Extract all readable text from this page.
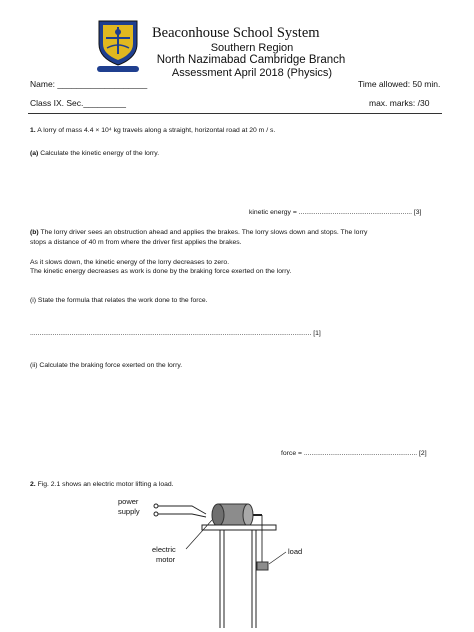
Beaconhouse School System
Southern Region
North Nazimabad Cambridge Branch
Assessment April 2018 (Physics)
Name: ___________________	Time allowed: 50 min.
Class IX. Sec._________	max. marks: /30
1. A lorry of mass 4.4 × 10⁴ kg travels along a straight, horizontal road at 20 m / s.
(a) Calculate the kinetic energy of the lorry.
kinetic energy = ............................................................ [3]
(b) The lorry driver sees an obstruction ahead and applies the brakes. The lorry slows down and stops. The lorry
stops a distance of 40 m from where the driver first applies the brakes.
As it slows down, the kinetic energy of the lorry decreases to zero.
The kinetic energy decreases as work is done by the braking force exerted on the lorry.
(i) State the formula that relates the work done to the force.
..................................................................................................................................................... [1]
(ii) Calculate the braking force exerted on the lorry.
force = ............................................................ [2]
2. Fig. 2.1 shows an electric motor lifting a load.
power
supply
electric
motor
load
